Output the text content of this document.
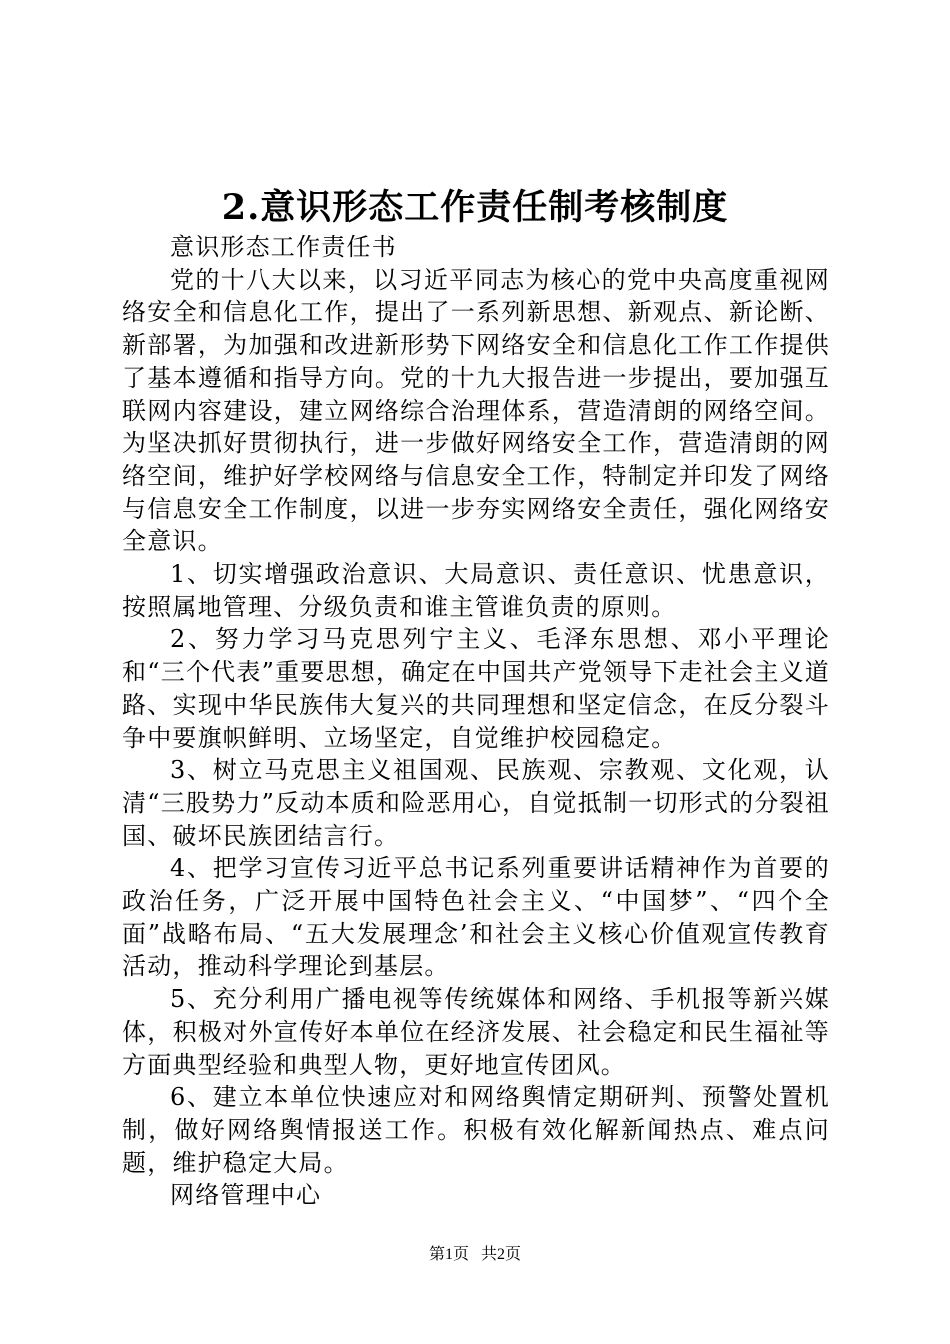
2.意识形态工作责任制考核制度

意识形态工作责任书

党的十八大以来，以习近平同志为核心的党中央高度重视网络安全和信息化工作，提出了一系列新思想、新观点、新论断、新部署，为加强和改进新形势下网络安全和信息化工作工作提供了基本遵循和指导方向。党的十九大报告进一步提出，要加强互联网内容建设，建立网络综合治理体系，营造清朗的网络空间。为坚决抓好贯彻执行，进一步做好网络安全工作，营造清朗的网络空间，维护好学校网络与信息安全工作，特制定并印发了网络与信息安全工作制度，以进一步夯实网络安全责任，强化网络安全意识。

1、切实增强政治意识、大局意识、责任意识、忧患意识，按照属地管理、分级负责和谁主管谁负责的原则。

2、努力学习马克思列宁主义、毛泽东思想、邓小平理论和“三个代表”重要思想，确定在中国共产党领导下走社会主义道路、实现中华民族伟大复兴的共同理想和坚定信念，在反分裂斗争中要旗帜鲜明、立场坚定，自觉维护校园稳定。

3、树立马克思主义祖国观、民族观、宗教观、文化观，认清“三股势力”反动本质和险恶用心，自觉抵制一切形式的分裂祖国、破坏民族团结言行。

4、把学习宣传习近平总书记系列重要讲话精神作为首要的政治任务，广泛开展中国特色社会主义、“中国梦”、“四个全面”战略布局、“五大发展理念’和社会主义核心价值观宣传教育活动，推动科学理论到基层。

5、充分利用广播电视等传统媒体和网络、手机报等新兴媒体，积极对外宣传好本单位在经济发展、社会稳定和民生福祉等方面典型经验和典型人物，更好地宣传团风。

6、建立本单位快速应对和网络舆情定期研判、预警处置机制，做好网络舆情报送工作。积极有效化解新闻热点、难点问题，维护稳定大局。

网络管理中心

第1页 共2页
